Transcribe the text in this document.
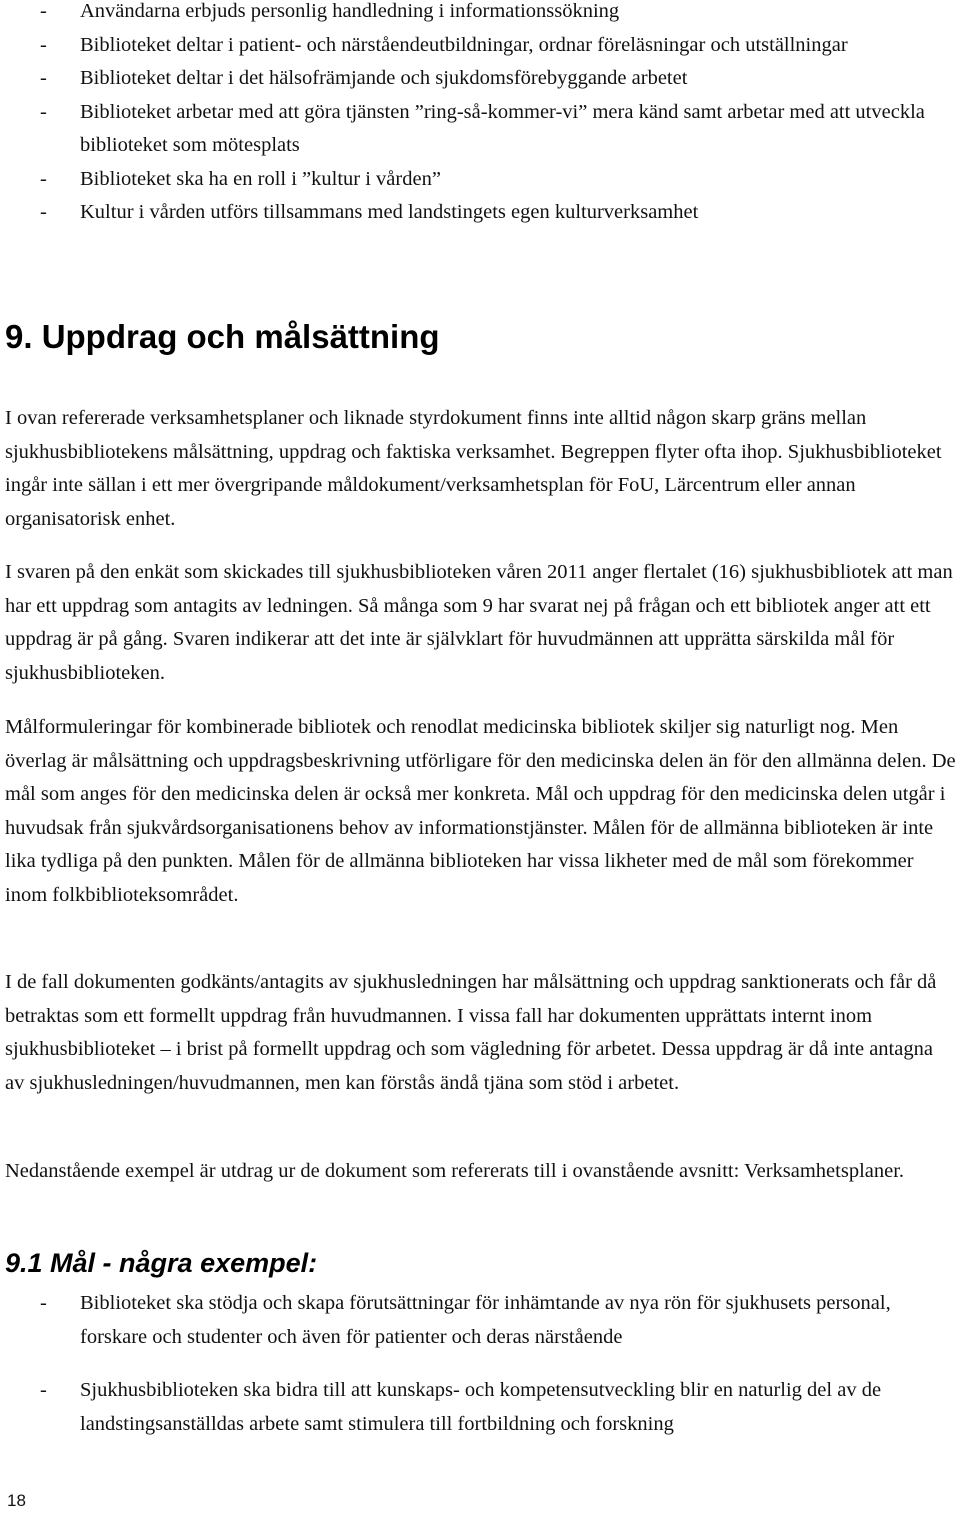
- Användarna erbjuds personlig handledning i informationssökning
- Biblioteket deltar i patient- och närståendeutbildningar, ordnar föreläsningar och utställningar
- Biblioteket deltar i det hälsofrämjande och sjukdomsförebyggande arbetet
- Biblioteket arbetar med att göra tjänsten ”ring-så-kommer-vi” mera känd samt arbetar med att utveckla biblioteket som mötesplats
- Biblioteket ska ha en roll i ”kultur i vården”
- Kultur i vården utförs tillsammans med landstingets egen kulturverksamhet
9. Uppdrag och målsättning

I ovan refererade verksamhetsplaner och liknade styrdokument finns inte alltid någon skarp gräns mellan sjukhusbibliotekens målsättning, uppdrag och faktiska verksamhet. Begreppen flyter ofta ihop. Sjukhusbiblioteket ingår inte sällan i ett mer övergripande måldokument/verksamhetsplan för FoU, Lärcentrum eller annan organisatorisk enhet.

I svaren på den enkät som skickades till sjukhusbiblioteken våren 2011 anger flertalet (16) sjukhusbibliotek att man har ett uppdrag som antagits av ledningen. Så många som 9 har svarat nej på frågan och ett bibliotek anger att ett uppdrag är på gång. Svaren indikerar att det inte är självklart för huvudmännen att upprätta särskilda mål för sjukhusbiblioteken.

Målformuleringar för kombinerade bibliotek och renodlat medicinska bibliotek skiljer sig naturligt nog. Men överlag är målsättning och uppdragsbeskrivning utförligare för den medicinska delen än för den allmänna delen. De mål som anges för den medicinska delen är också mer konkreta. Mål och uppdrag för den medicinska delen utgår i huvudsak från sjukvårdsorganisationens behov av informationstjänster. Målen för de allmänna biblioteken är inte lika tydliga på den punkten. Målen för de allmänna biblioteken har vissa likheter med de mål som förekommer inom folkbiblioteksområdet.

I de fall dokumenten godkänts/antagits av sjukhusledningen har målsättning och uppdrag sanktionerats och får då betraktas som ett formellt uppdrag från huvudmannen. I vissa fall har dokumenten upprättats internt inom sjukhusbiblioteket – i brist på formellt uppdrag och som vägledning för arbetet. Dessa uppdrag är då inte antagna av sjukhusledningen/huvudmannen, men kan förstås ändå tjäna som stöd i arbetet.

Nedanstående exempel är utdrag ur de dokument som refererats till i ovanstående avsnitt: Verksamhetsplaner.

9.1 Mål - några exempel:
- Biblioteket ska stödja och skapa förutsättningar för inhämtande av nya rön för sjukhusets personal, forskare och studenter och även för patienter och deras närstående
- Sjukhusbiblioteken ska bidra till att kunskaps- och kompetensutveckling blir en naturlig del av de landstingsanställdas arbete samt stimulera till fortbildning och forskning
18
